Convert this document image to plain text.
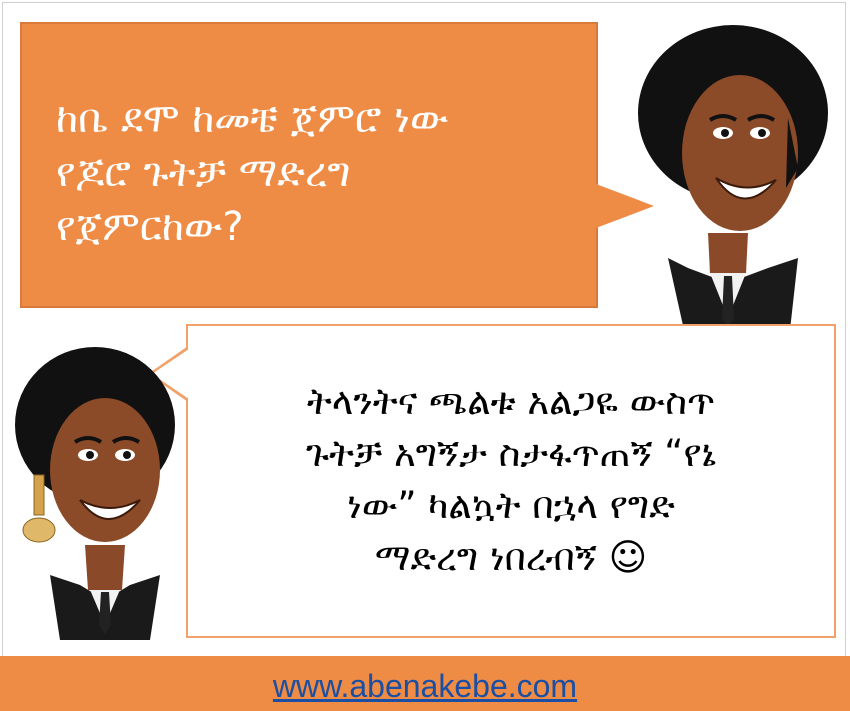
ከቤ ደሞ ከመቼ ጀምሮ ነው
የጆሮ ጉትቻ ማድረግ
የጀምርከው?
ትላንትና ጫልቱ አልጋዬ ውስጥ
ጉትቻ አግኝታ ስታፋጥጠኝ “የኔ
ነው” ካልኳት በኋላ የግድ
ማድረግ ነበረብኝ ☺
www.abenakebe.com
